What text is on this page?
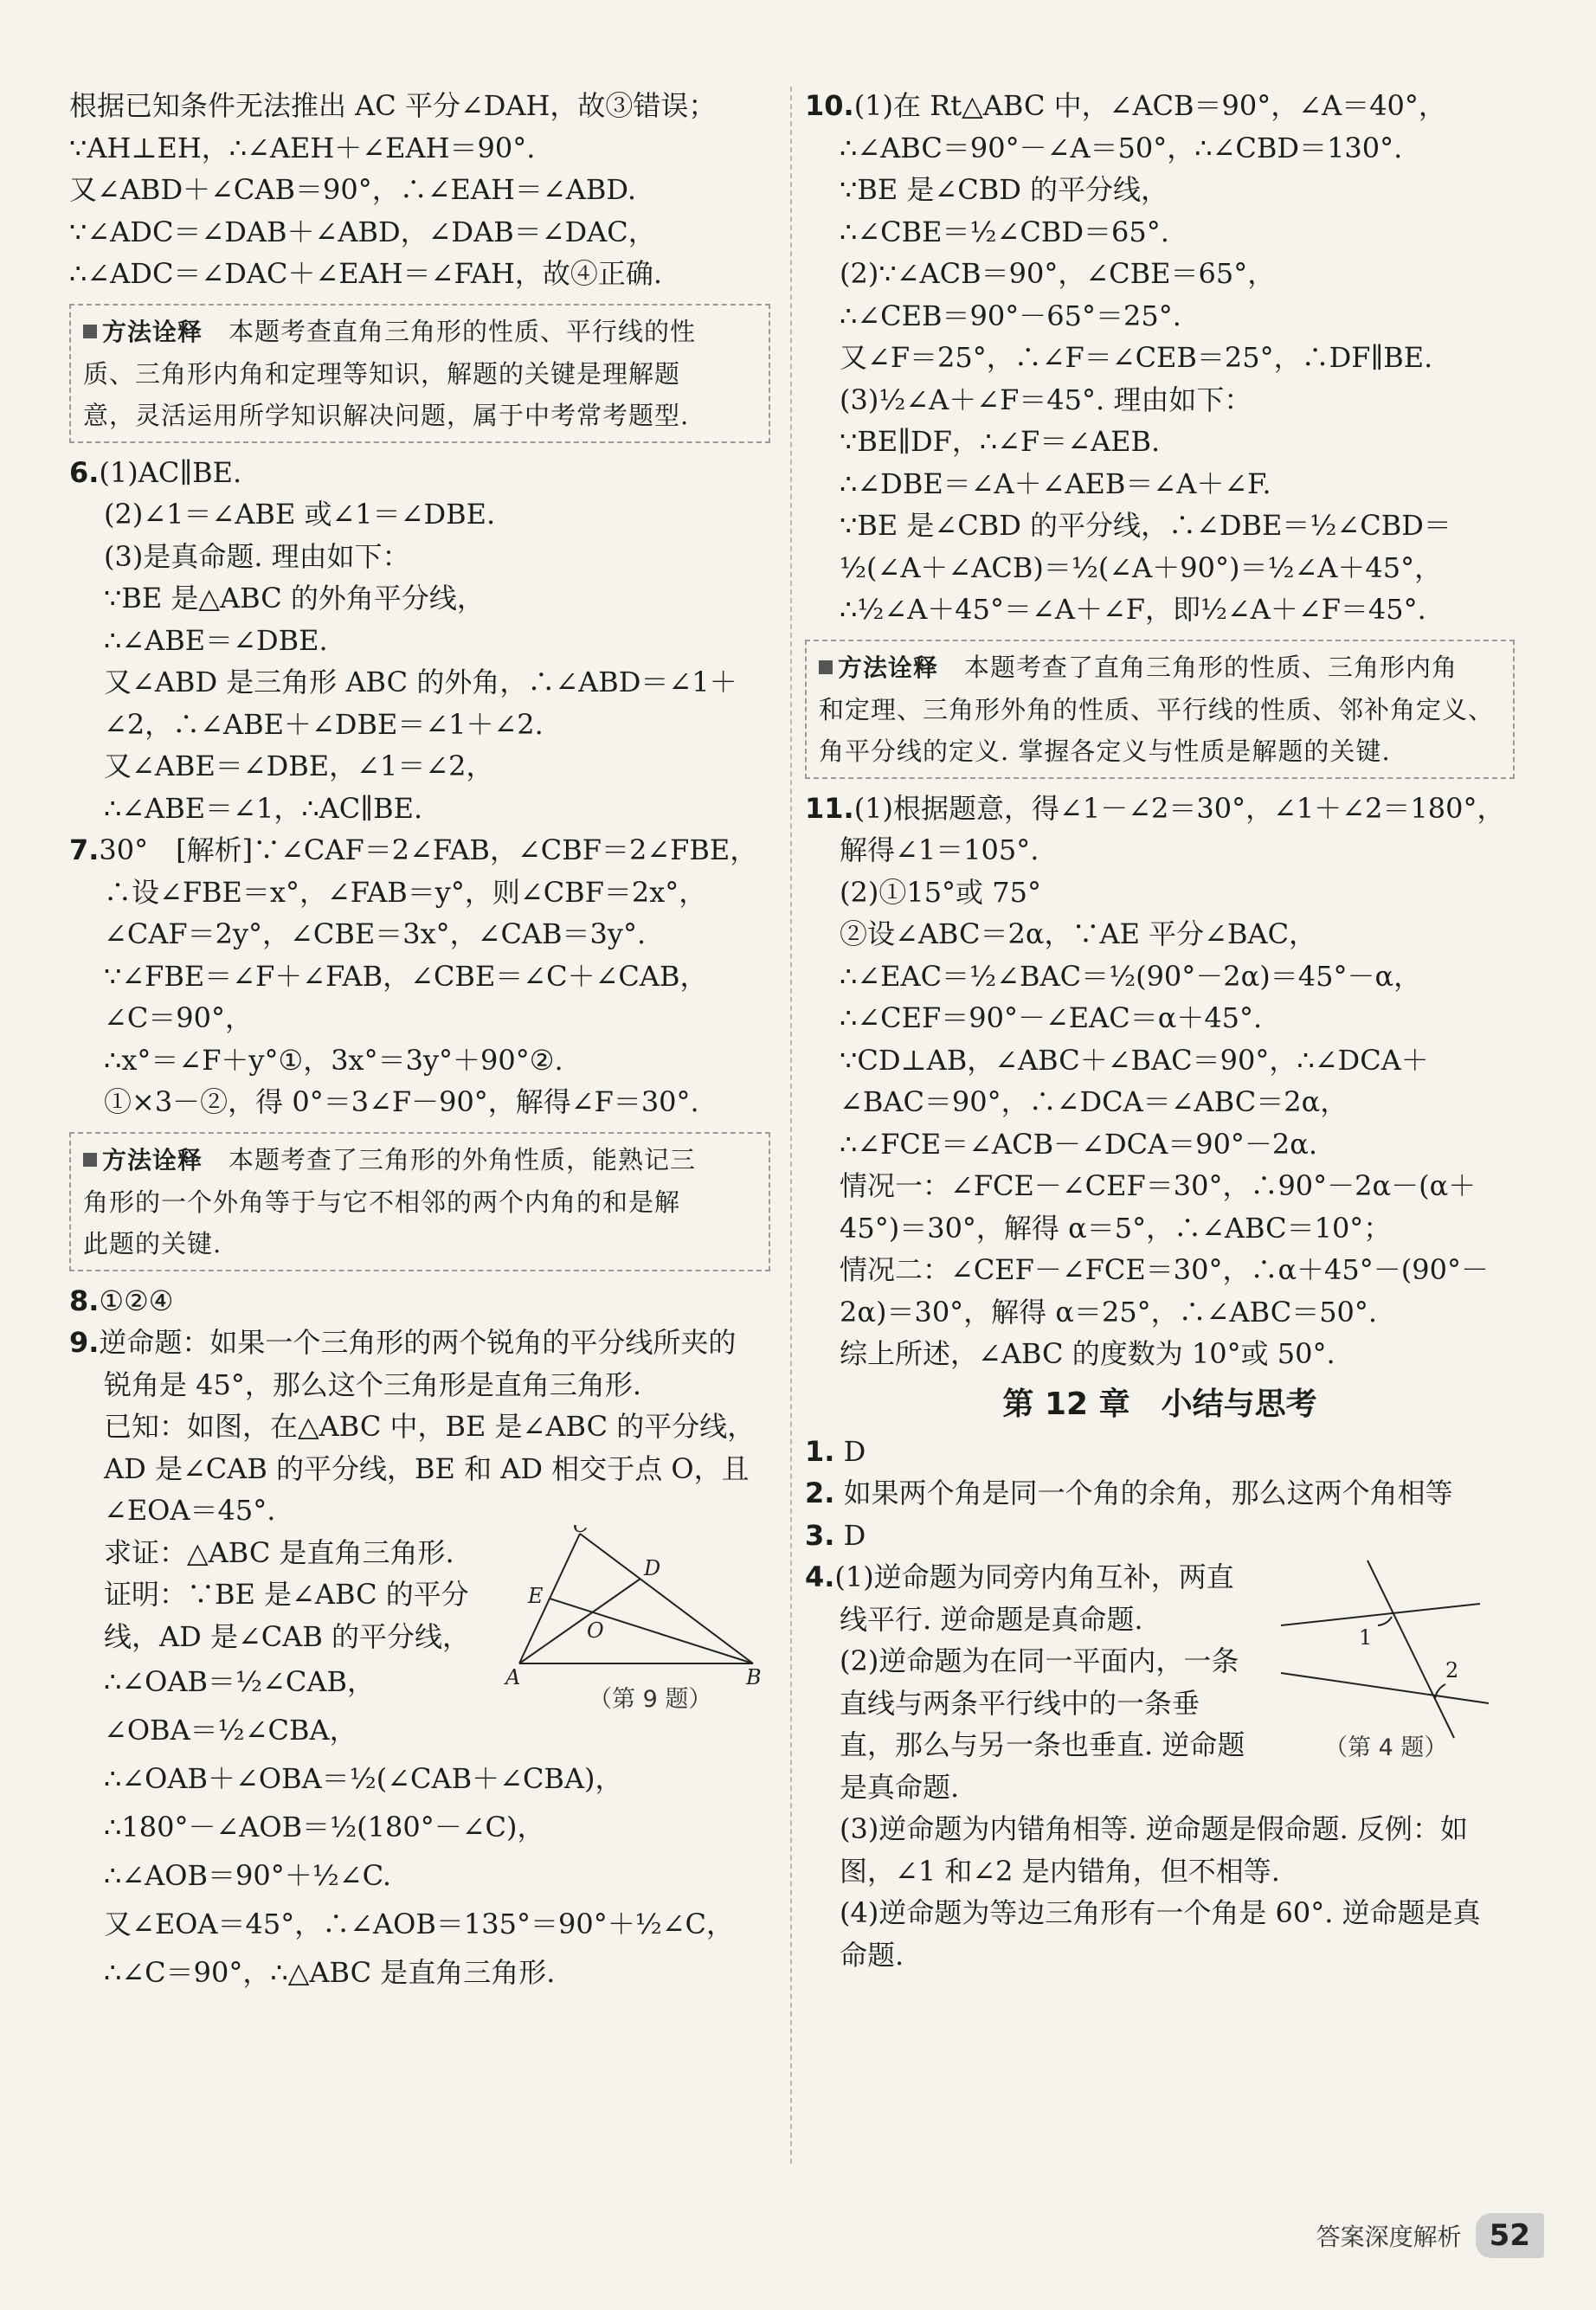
根据已知条件无法推出 AC 平分∠DAH，故③错误；
∵AH⊥EH，∴∠AEH＋∠EAH＝90°.
又∠ABD＋∠CAB＝90°，∴∠EAH＝∠ABD.
∵∠ADC＝∠DAB＋∠ABD，∠DAB＝∠DAC，
∴∠ADC＝∠DAC＋∠EAH＝∠FAH，故④正确.
方法诠释　 本题考查直角三角形的性质、平行线的性
质、三角形内角和定理等知识，解题的关键是理解题
意，灵活运用所学知识解决问题，属于中考常考题型.
6.(1)AC∥BE.
(2)∠1＝∠ABE 或∠1＝∠DBE.
(3)是真命题. 理由如下：
∵BE 是△ABC 的外角平分线，
∴∠ABE＝∠DBE.
又∠ABD 是三角形 ABC 的外角，∴∠ABD＝∠1＋
∠2，∴∠ABE＋∠DBE＝∠1＋∠2.
又∠ABE＝∠DBE，∠1＝∠2，
∴∠ABE＝∠1，∴AC∥BE.
7.30°　[解析]∵∠CAF＝2∠FAB，∠CBF＝2∠FBE，
∴设∠FBE＝x°，∠FAB＝y°，则∠CBF＝2x°，
∠CAF＝2y°，∠CBE＝3x°，∠CAB＝3y°.
∵∠FBE＝∠F＋∠FAB，∠CBE＝∠C＋∠CAB，
∠C＝90°，
∴x°＝∠F＋y°①，3x°＝3y°＋90°②.
①×3－②，得 0°＝3∠F－90°，解得∠F＝30°.
方法诠释　 本题考查了三角形的外角性质，能熟记三
角形的一个外角等于与它不相邻的两个内角的和是解
此题的关键.
8.①②④
9.逆命题：如果一个三角形的两个锐角的平分线所夹的
锐角是 45°，那么这个三角形是直角三角形.
已知：如图，在△ABC 中，BE 是∠ABC 的平分线，
AD 是∠CAB 的平分线，BE 和 AD 相交于点 O，且
∠EOA＝45°.
求证：△ABC 是直角三角形.
证明：∵BE 是∠ABC 的平分
线，AD 是∠CAB 的平分线，
∴∠OAB＝½∠CAB，
∠OBA＝½∠CBA，
∴∠OAB＋∠OBA＝½(∠CAB＋∠CBA)，
∴180°－∠AOB＝½(180°－∠C)，
∴∠AOB＝90°＋½∠C.
又∠EOA＝45°，∴∠AOB＝135°＝90°＋½∠C，
∴∠C＝90°，∴△ABC 是直角三角形.
C
D
E
O
A	B
（第 9 题）
10.(1)在 Rt△ABC 中，∠ACB＝90°，∠A＝40°，
∴∠ABC＝90°－∠A＝50°，∴∠CBD＝130°.
∵BE 是∠CBD 的平分线，
∴∠CBE＝½∠CBD＝65°.
(2)∵∠ACB＝90°，∠CBE＝65°，
∴∠CEB＝90°－65°＝25°.
又∠F＝25°，∴∠F＝∠CEB＝25°，∴DF∥BE.
(3)½∠A＋∠F＝45°. 理由如下：
∵BE∥DF，∴∠F＝∠AEB.
∴∠DBE＝∠A＋∠AEB＝∠A＋∠F.
∵BE 是∠CBD 的平分线，∴∠DBE＝½∠CBD＝
½(∠A＋∠ACB)＝½(∠A＋90°)＝½∠A＋45°，
∴½∠A＋45°＝∠A＋∠F，即½∠A＋∠F＝45°.
方法诠释　 本题考查了直角三角形的性质、三角形内角
和定理、三角形外角的性质、平行线的性质、邻补角定义、
角平分线的定义. 掌握各定义与性质是解题的关键.
11.(1)根据题意，得∠1－∠2＝30°，∠1＋∠2＝180°，
解得∠1＝105°.
(2)①15°或 75°
②设∠ABC＝2α，∵AE 平分∠BAC，
∴∠EAC＝½∠BAC＝½(90°－2α)＝45°－α，
∴∠CEF＝90°－∠EAC＝α＋45°.
∵CD⊥AB，∠ABC＋∠BAC＝90°，∴∠DCA＋
∠BAC＝90°，∴∠DCA＝∠ABC＝2α，
∴∠FCE＝∠ACB－∠DCA＝90°－2α.
情况一：∠FCE－∠CEF＝30°，∴90°－2α－(α＋
45°)＝30°，解得 α＝5°，∴∠ABC＝10°；
情况二：∠CEF－∠FCE＝30°，∴α＋45°－(90°－
2α)＝30°，解得 α＝25°，∴∠ABC＝50°.
综上所述，∠ABC 的度数为 10°或 50°.
第 12 章　小结与思考
1. D
2. 如果两个角是同一个角的余角，那么这两个角相等
3. D
4.(1)逆命题为同旁内角互补，两直
线平行. 逆命题是真命题.
(2)逆命题为在同一平面内，一条
直线与两条平行线中的一条垂
直，那么与另一条也垂直. 逆命题
是真命题.
(3)逆命题为内错角相等. 逆命题是假命题. 反例：如
图，∠1 和∠2 是内错角，但不相等.
(4)逆命题为等边三角形有一个角是 60°. 逆命题是真
命题.
1
2
（第 4 题）
答案深度解析 52
